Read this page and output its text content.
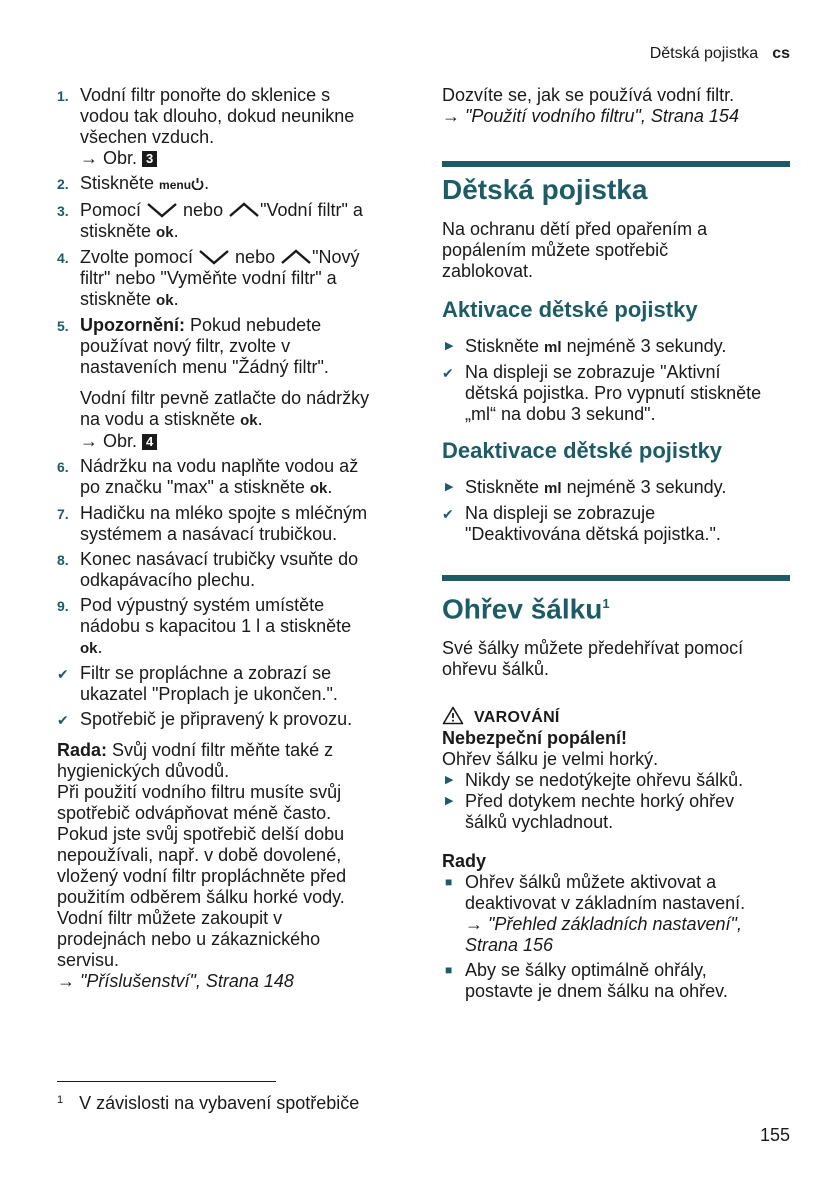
Dětská pojistka cs
1. Vodní filtr ponořte do sklenice s
vodou tak dlouho, dokud neunikne
všechen vzduch.
→ Obr. 3
2. Stiskněte menu .
3. Pomocí  nebo "Vodní filtr" a
stiskněte ok.
4. Zvolte pomocí  nebo "Nový
filtr" nebo "Vyměňte vodní filtr" a
stiskněte ok.
5. Upozornění: Pokud nebudete
používat nový filtr, zvolte v
nastaveních menu "Žádný filtr".
Vodní filtr pevně zatlačte do nádržky
na vodu a stiskněte ok.
→ Obr. 4
6. Nádržku na vodu naplňte vodou až
po značku "max" a stiskněte ok.
7. Hadičku na mléko spojte s mléčným
systémem a nasávací trubičkou.
8. Konec nasávací trubičky vsuňte do
odkapávacího plechu.
9. Pod výpustný systém umístěte
nádobu s kapacitou 1 l a stiskněte
ok.
✔ Filtr se propláchne a zobrazí se
ukazatel "Proplach je ukončen.".
✔ Spotřebič je připravený k provozu.
Rada: Svůj vodní filtr měňte také z
hygienických důvodů.
Při použití vodního filtru musíte svůj
spotřebič odvápňovat méně často.
Pokud jste svůj spotřebič delší dobu
nepoužívali, např. v době dovolené,
vložený vodní filtr propláchněte před
použitím odběrem šálku horké vody.
Vodní filtr můžete zakoupit v
prodejnách nebo u zákaznického
servisu.
→ "Příslušenství", Strana 148
Dozvíte se, jak se používá vodní filtr.
→ "Použití vodního filtru", Strana 154
Dětská pojistka
Na ochranu dětí před opařením a
popálením můžete spotřebič
zablokovat.
Aktivace dětské pojistky
▶ Stiskněte ml nejméně 3 sekundy.
✔ Na displeji se zobrazuje "Aktivní
dětská pojistka. Pro vypnutí stiskněte
„ml“ na dobu 3 sekund".
Deaktivace dětské pojistky
▶ Stiskněte ml nejméně 3 sekundy.
✔ Na displeji se zobrazuje
"Deaktivována dětská pojistka.".
Ohřev šálku$^1$
Své šálky můžete předehřívat pomocí
ohřevu šálků.
VAROVÁNÍ
Nebezpeční popálení!
Ohřev šálku je velmi horký.
▶ Nikdy se nedotýkejte ohřevu šálků.
▶ Před dotykem nechte horký ohřev
šálků vychladnout.
Rady
■ Ohřev šálků můžete aktivovat a
deaktivovat v základním nastavení.
→ "Přehled základních nastavení",
Strana 156
■ Aby se šálky optimálně ohřály,
postavte je dnem šálku na ohřev.
$^1$ V závislosti na vybavení spotřebiče
155
